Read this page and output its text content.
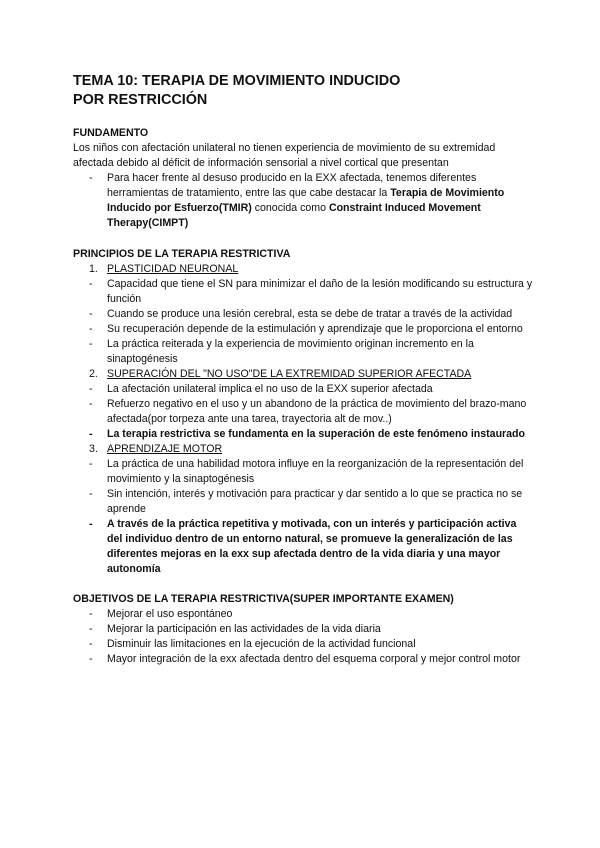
TEMA 10: TERAPIA DE MOVIMIENTO INDUCIDO POR RESTRICCIÓN

FUNDAMENTO

Los niños con afectación unilateral no tienen experiencia de movimiento de su extremidad afectada debido al déficit de información sensorial a nivel cortical que presentan

- Para hacer frente al desuso producido en la EXX afectada, tenemos diferentes herramientas de tratamiento, entre las que cabe destacar la Terapia de Movimiento Inducido por Esfuerzo(TMIR) conocida como Constraint Induced Movement Therapy(CIMPT)

PRINCIPIOS DE LA TERAPIA RESTRICTIVA

1. PLASTICIDAD NEURONAL
- Capacidad que tiene el SN para minimizar el daño de la lesión modificando su estructura y función
- Cuando se produce una lesión cerebral, esta se debe de tratar a través de la actividad
- Su recuperación depende de la estimulación y aprendizaje que le proporciona el entorno
- La práctica reiterada y la experiencia de movimiento originan incremento en la sinaptogénesis
2. SUPERACIÓN DEL "NO USO"DE LA EXTREMIDAD SUPERIOR AFECTADA
- La afectación unilateral implica el no uso de la EXX superior afectada
- Refuerzo negativo en el uso y un abandono de la práctica de movimiento del brazo-mano afectada(por torpeza ante una tarea, trayectoria alt de mov..)
- La terapia restrictiva se fundamenta en la superación de este fenómeno instaurado
3. APRENDIZAJE MOTOR
- La práctica de una habilidad motora influye en la reorganización de la representación del movimiento y la sinaptogénesis
- Sin intención, interés y motivación para practicar y dar sentido a lo que se practica no se aprende
- A través de la práctica repetitiva y motivada, con un interés y participación activa del individuo dentro de un entorno natural, se promueve la generalización de las diferentes mejoras en la exx sup afectada dentro de la vida diaria y una mayor autonomía

OBJETIVOS DE LA TERAPIA RESTRICTIVA(SUPER IMPORTANTE EXAMEN)

- Mejorar el uso espontáneo
- Mejorar la participación en las actividades de la vida diaria
- Disminuir las limitaciones en la ejecución de la actividad funcional
- Mayor integración de la exx afectada dentro del esquema corporal y mejor control motor
